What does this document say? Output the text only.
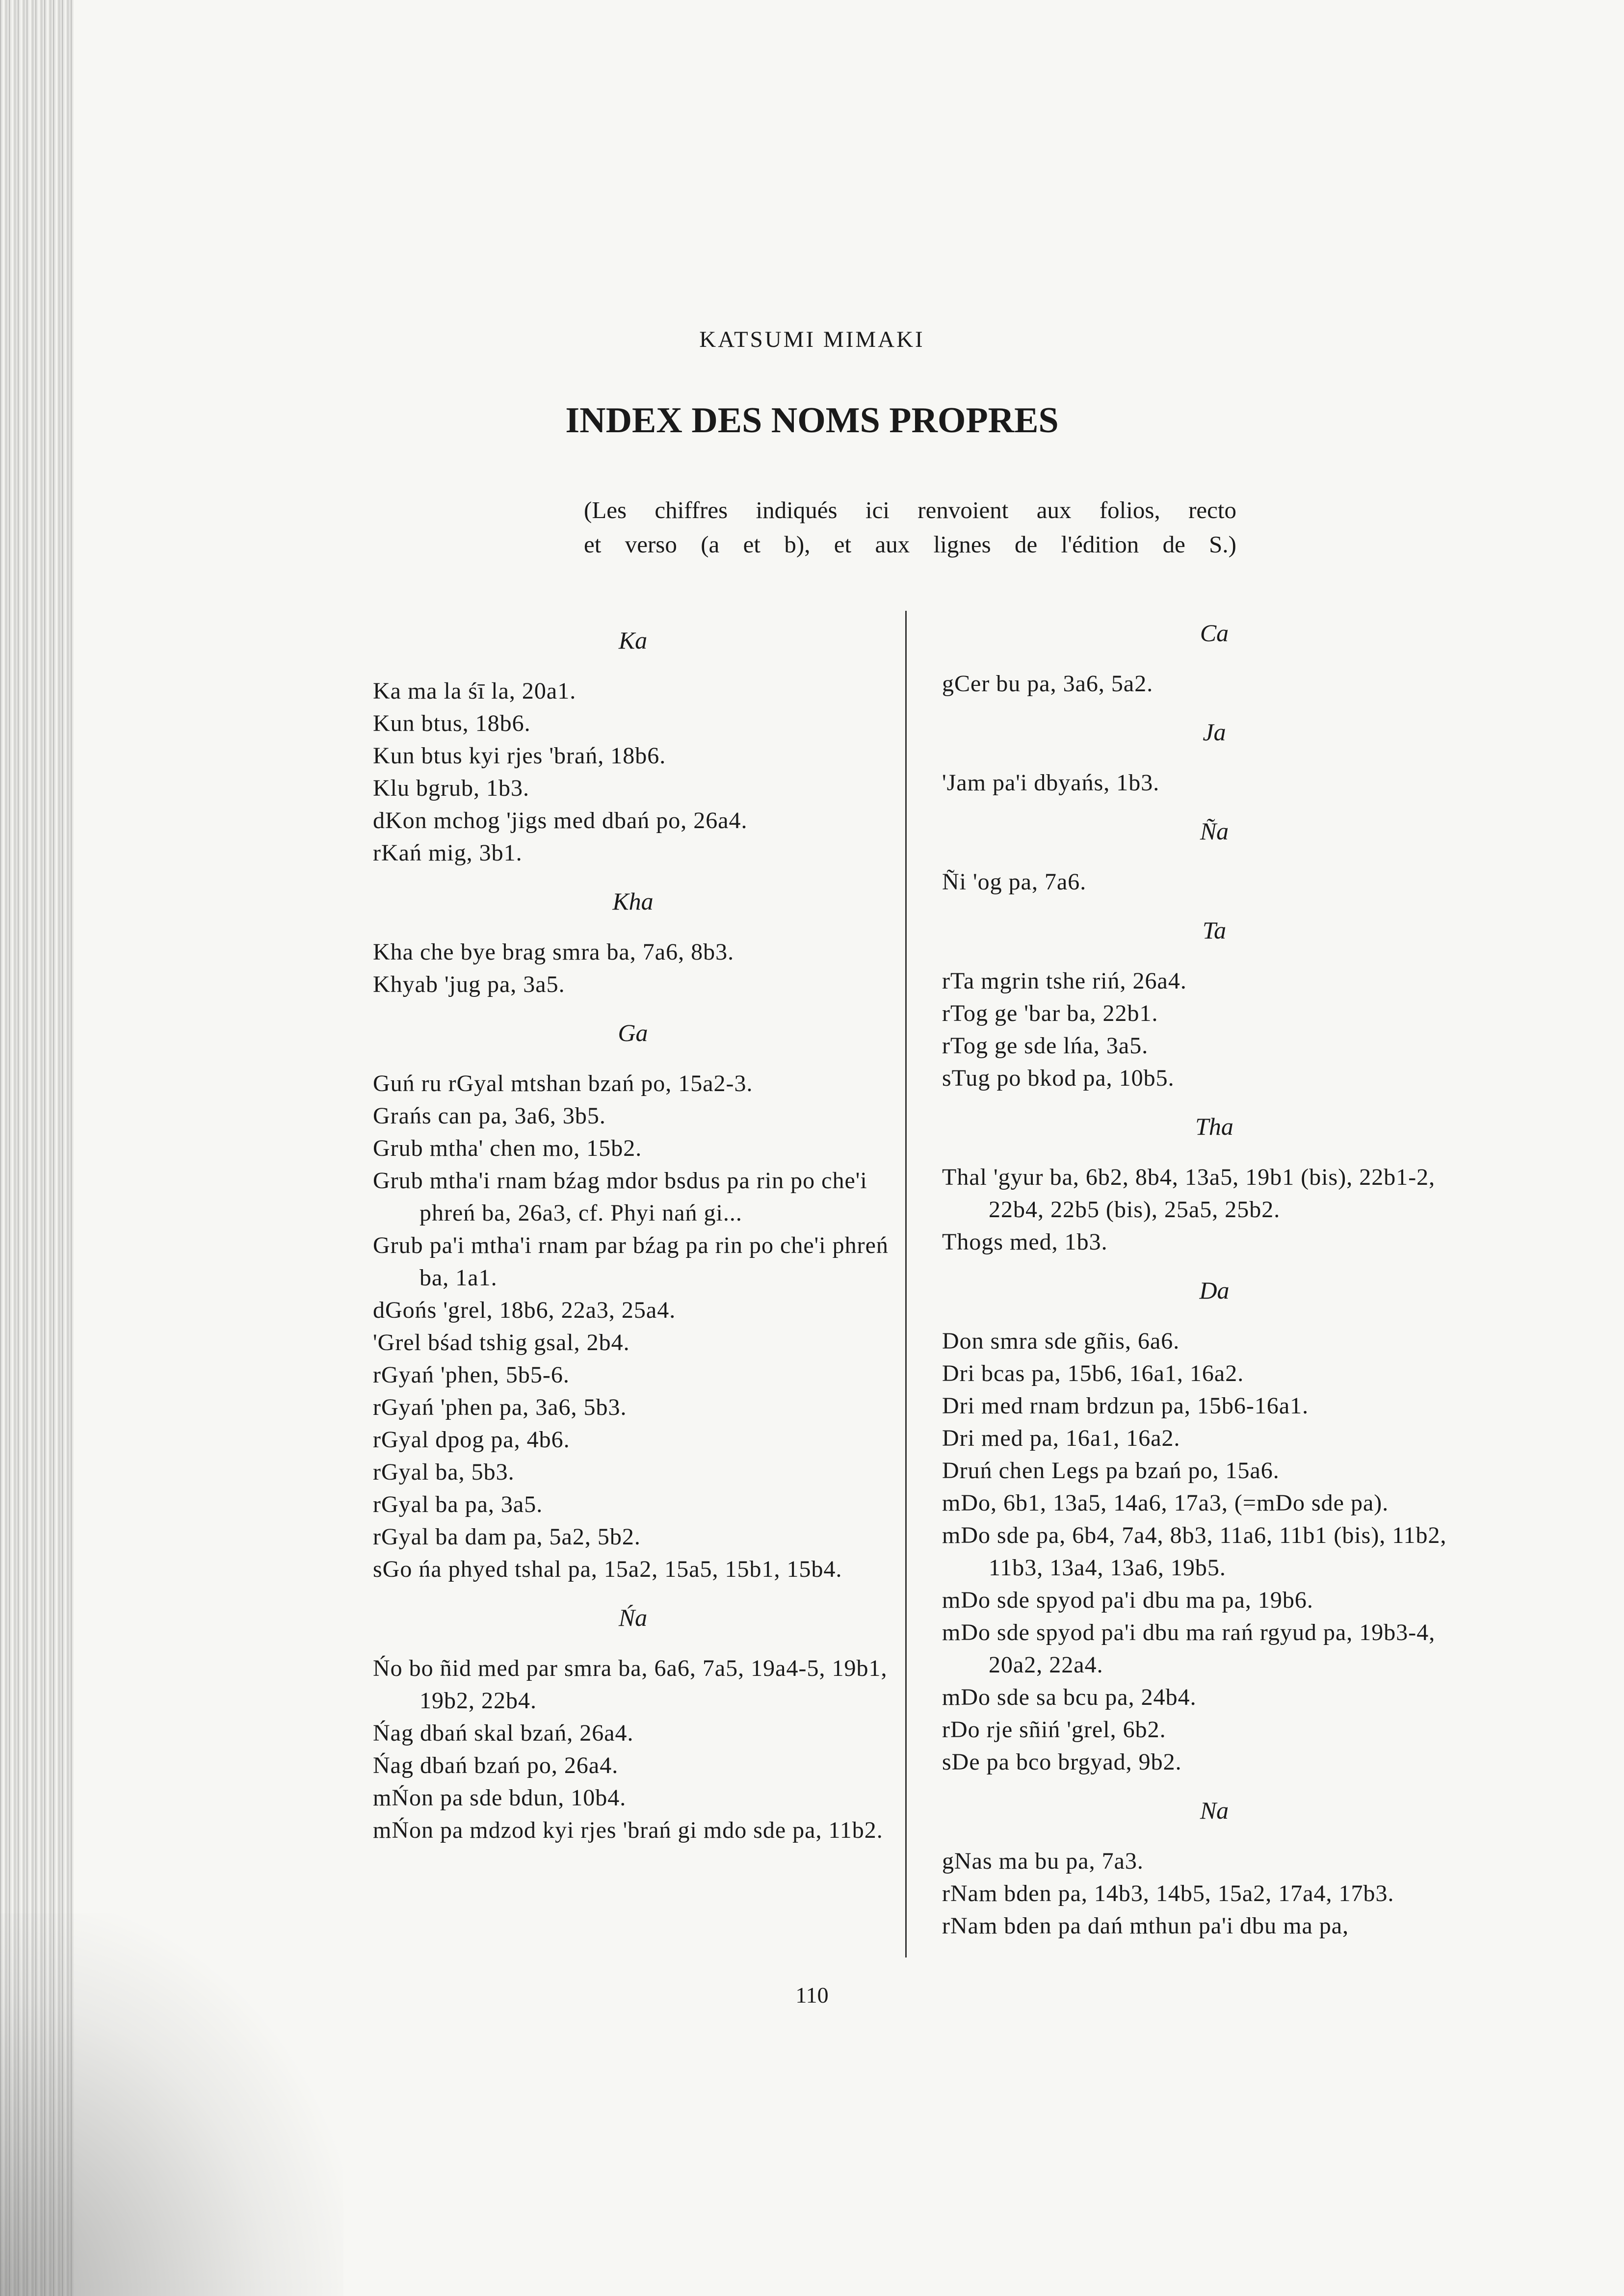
KATSUMI MIMAKI
INDEX DES NOMS PROPRES
(Les chiffres indiqués ici renvoient aux folios, recto
et verso (a et b), et aux lignes de l'édition de S.)
Ka
Ka ma la śī la, 20a1.
Kun btus, 18b6.
Kun btus kyi rjes 'brań, 18b6.
Klu bgrub, 1b3.
dKon mchog 'jigs med dbań po, 26a4.
rKań mig, 3b1.
Kha
Kha che bye brag smra ba, 7a6, 8b3.
Khyab 'jug pa, 3a5.
Ga
Guń ru rGyal mtshan bzań po, 15a2-3.
Grańs can pa, 3a6, 3b5.
Grub mtha' chen mo, 15b2.
Grub mtha'i rnam bźag mdor bsdus pa rin po che'i phreń ba, 26a3, cf. Phyi nań gi...
Grub pa'i mtha'i rnam par bźag pa rin po che'i phreń ba, 1a1.
dGońs 'grel, 18b6, 22a3, 25a4.
'Grel bśad tshig gsal, 2b4.
rGyań 'phen, 5b5-6.
rGyań 'phen pa, 3a6, 5b3.
rGyal dpog pa, 4b6.
rGyal ba, 5b3.
rGyal ba pa, 3a5.
rGyal ba dam pa, 5a2, 5b2.
sGo ńa phyed tshal pa, 15a2, 15a5, 15b1, 15b4.
Ńa
Ńo bo ñid med par smra ba, 6a6, 7a5, 19a4-5, 19b1, 19b2, 22b4.
Ńag dbań skal bzań, 26a4.
Ńag dbań bzań po, 26a4.
mŃon pa sde bdun, 10b4.
mŃon pa mdzod kyi rjes 'brań gi mdo sde pa, 11b2.
Ca
gCer bu pa, 3a6, 5a2.
Ja
'Jam pa'i dbyańs, 1b3.
Ña
Ñi 'og pa, 7a6.
Ta
rTa mgrin tshe riń, 26a4.
rTog ge 'bar ba, 22b1.
rTog ge sde lńa, 3a5.
sTug po bkod pa, 10b5.
Tha
Thal 'gyur ba, 6b2, 8b4, 13a5, 19b1 (bis), 22b1-2, 22b4, 22b5 (bis), 25a5, 25b2.
Thogs med, 1b3.
Da
Don smra sde gñis, 6a6.
Dri bcas pa, 15b6, 16a1, 16a2.
Dri med rnam brdzun pa, 15b6-16a1.
Dri med pa, 16a1, 16a2.
Druń chen Legs pa bzań po, 15a6.
mDo, 6b1, 13a5, 14a6, 17a3, (=mDo sde pa).
mDo sde pa, 6b4, 7a4, 8b3, 11a6, 11b1 (bis), 11b2, 11b3, 13a4, 13a6, 19b5.
mDo sde spyod pa'i dbu ma pa, 19b6.
mDo sde spyod pa'i dbu ma rań rgyud pa, 19b3-4, 20a2, 22a4.
mDo sde sa bcu pa, 24b4.
rDo rje sñiń 'grel, 6b2.
sDe pa bco brgyad, 9b2.
Na
gNas ma bu pa, 7a3.
rNam bden pa, 14b3, 14b5, 15a2, 17a4, 17b3.
rNam bden pa dań mthun pa'i dbu ma pa,
110
